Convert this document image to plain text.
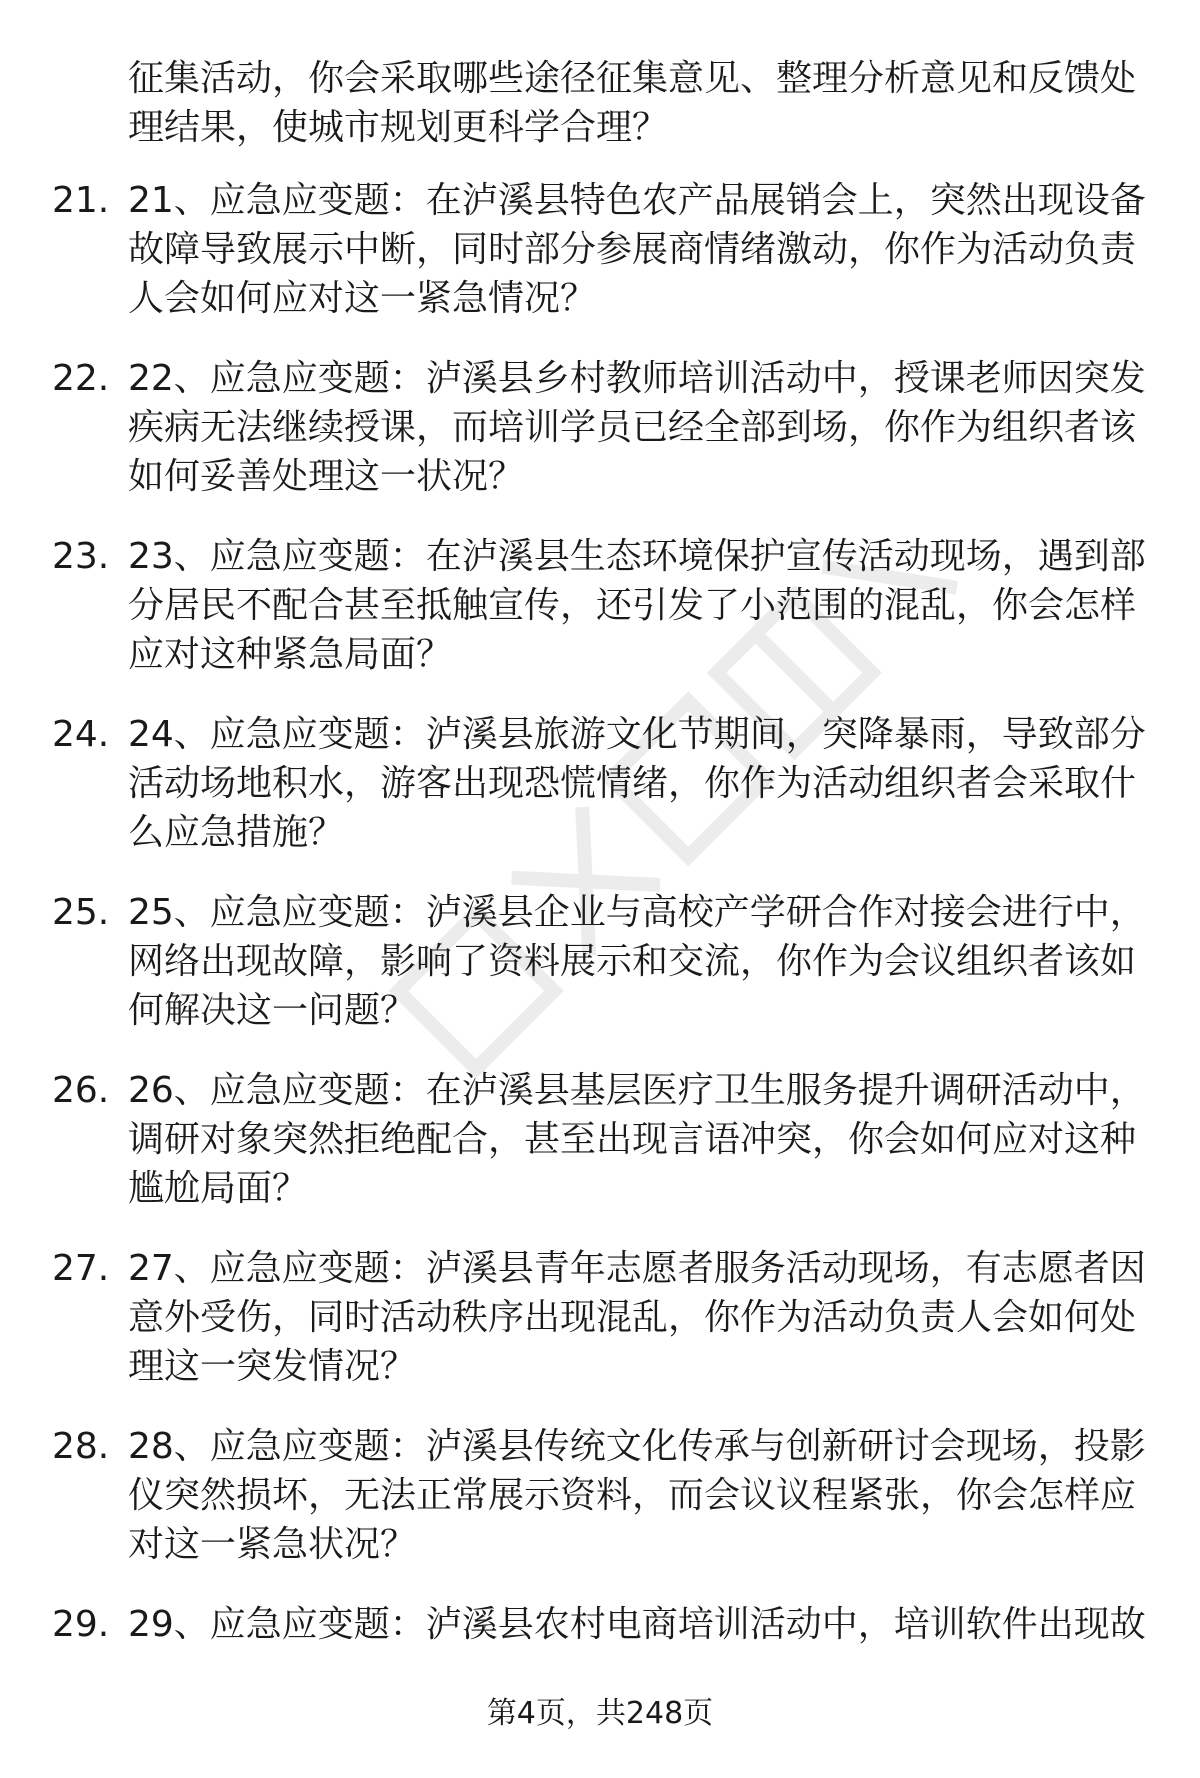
征集活动，你会采取哪些途径征集意见、整理分析意见和反馈处理结果，使城市规划更科学合理？

21. 21、应急应变题：在泸溪县特色农产品展销会上，突然出现设备故障导致展示中断，同时部分参展商情绪激动，你作为活动负责人会如何应对这一紧急情况？
22. 22、应急应变题：泸溪县乡村教师培训活动中，授课老师因突发疾病无法继续授课，而培训学员已经全部到场，你作为组织者该如何妥善处理这一状况？
23. 23、应急应变题：在泸溪县生态环境保护宣传活动现场，遇到部分居民不配合甚至抵触宣传，还引发了小范围的混乱，你会怎样应对这种紧急局面？
24. 24、应急应变题：泸溪县旅游文化节期间，突降暴雨，导致部分活动场地积水，游客出现恐慌情绪，你作为活动组织者会采取什么应急措施？
25. 25、应急应变题：泸溪县企业与高校产学研合作对接会进行中，网络出现故障，影响了资料展示和交流，你作为会议组织者该如何解决这一问题？
26. 26、应急应变题：在泸溪县基层医疗卫生服务提升调研活动中，调研对象突然拒绝配合，甚至出现言语冲突，你会如何应对这种尴尬局面？
27. 27、应急应变题：泸溪县青年志愿者服务活动现场，有志愿者因意外受伤，同时活动秩序出现混乱，你作为活动负责人会如何处理这一突发情况？
28. 28、应急应变题：泸溪县传统文化传承与创新研讨会现场，投影仪突然损坏，无法正常展示资料，而会议议程紧张，你会怎样应对这一紧急状况？
29. 29、应急应变题：泸溪县农村电商培训活动中，培训软件出现故
第4页，共248页
